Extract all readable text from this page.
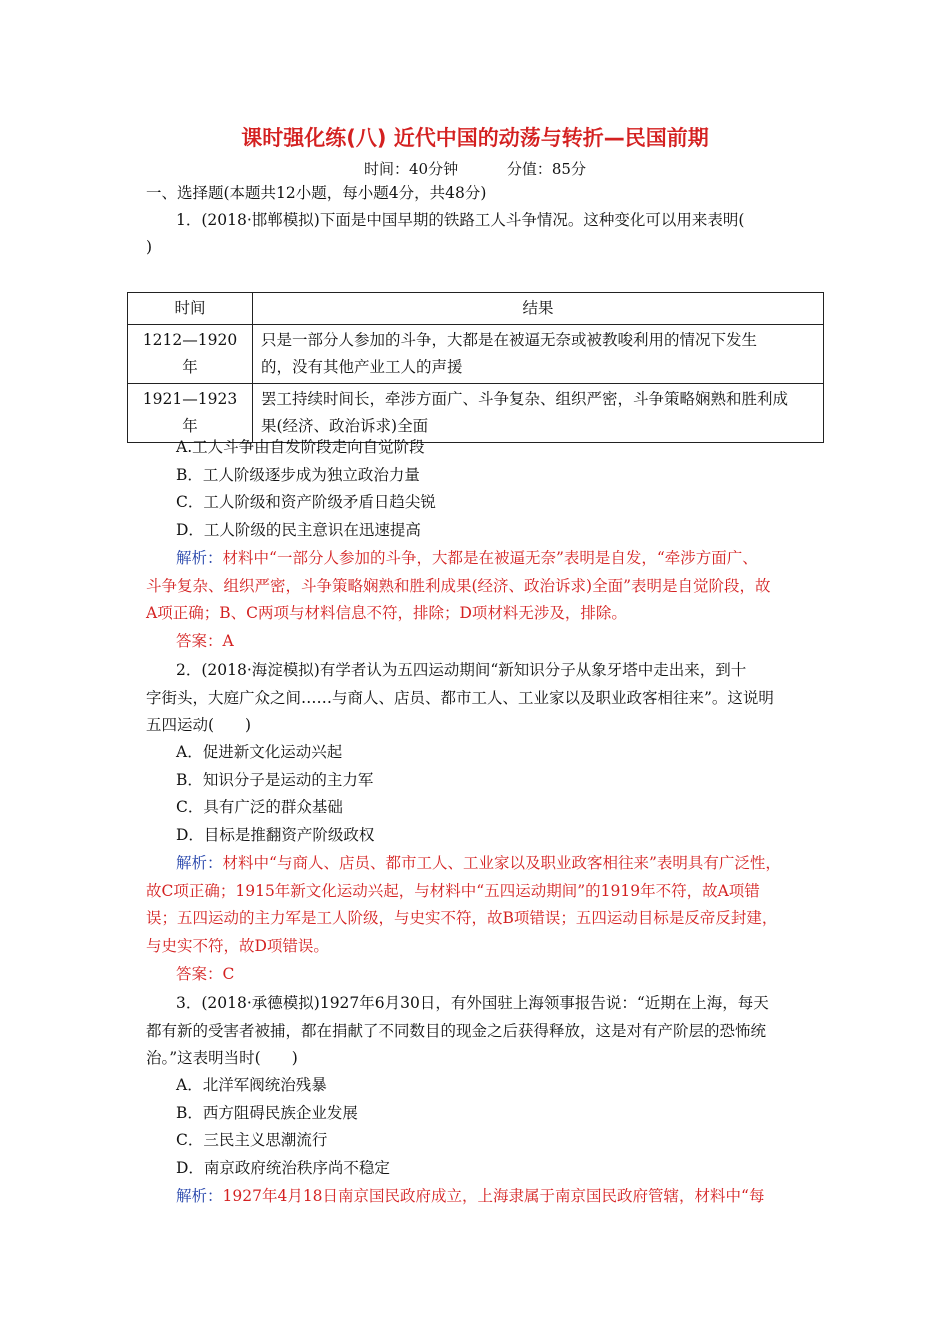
课时强化练(八) 近代中国的动荡与转折—民国前期
时间：40分钟	分值：85分
一、选择题(本题共12小题，每小题4分，共48分)
1．(2018·邯郸模拟)下面是中国早期的铁路工人斗争情况。这种变化可以用来表明(
)
时间	结果
1212—1920年	只是一部分人参加的斗争，大都是在被逼无奈或被教唆利用的情况下发生
的，没有其他产业工人的声援
1921—1923年	罢工持续时间长，牵涉方面广、斗争复杂、组织严密，斗争策略娴熟和胜利成
果(经济、政治诉求)全面
A.工人斗争由自发阶段走向自觉阶段
B．工人阶级逐步成为独立政治力量
C．工人阶级和资产阶级矛盾日趋尖锐
D．工人阶级的民主意识在迅速提高
解析：材料中“一部分人参加的斗争，大都是在被逼无奈”表明是自发，“牵涉方面广、
斗争复杂、组织严密，斗争策略娴熟和胜利成果(经济、政治诉求)全面”表明是自觉阶段，故
A项正确；B、C两项与材料信息不符，排除；D项材料无涉及，排除。
答案：A
2．(2018·海淀模拟)有学者认为五四运动期间“新知识分子从象牙塔中走出来，到十
字街头，大庭广众之间……与商人、店员、都市工人、工业家以及职业政客相往来”。这说明
五四运动(　　)
A．促进新文化运动兴起
B．知识分子是运动的主力军
C．具有广泛的群众基础
D．目标是推翻资产阶级政权
解析：材料中“与商人、店员、都市工人、工业家以及职业政客相往来”表明具有广泛性，
故C项正确；1915年新文化运动兴起，与材料中“五四运动期间”的1919年不符，故A项错
误；五四运动的主力军是工人阶级，与史实不符，故B项错误；五四运动目标是反帝反封建，
与史实不符，故D项错误。
答案：C
3．(2018·承德模拟)1927年6月30日，有外国驻上海领事报告说：“近期在上海，每天
都有新的受害者被捕，都在捐献了不同数目的现金之后获得释放，这是对有产阶层的恐怖统
治。”这表明当时(　　)
A．北洋军阀统治残暴
B．西方阻碍民族企业发展
C．三民主义思潮流行
D．南京政府统治秩序尚不稳定
解析：1927年4月18日南京国民政府成立，上海隶属于南京国民政府管辖，材料中“每
